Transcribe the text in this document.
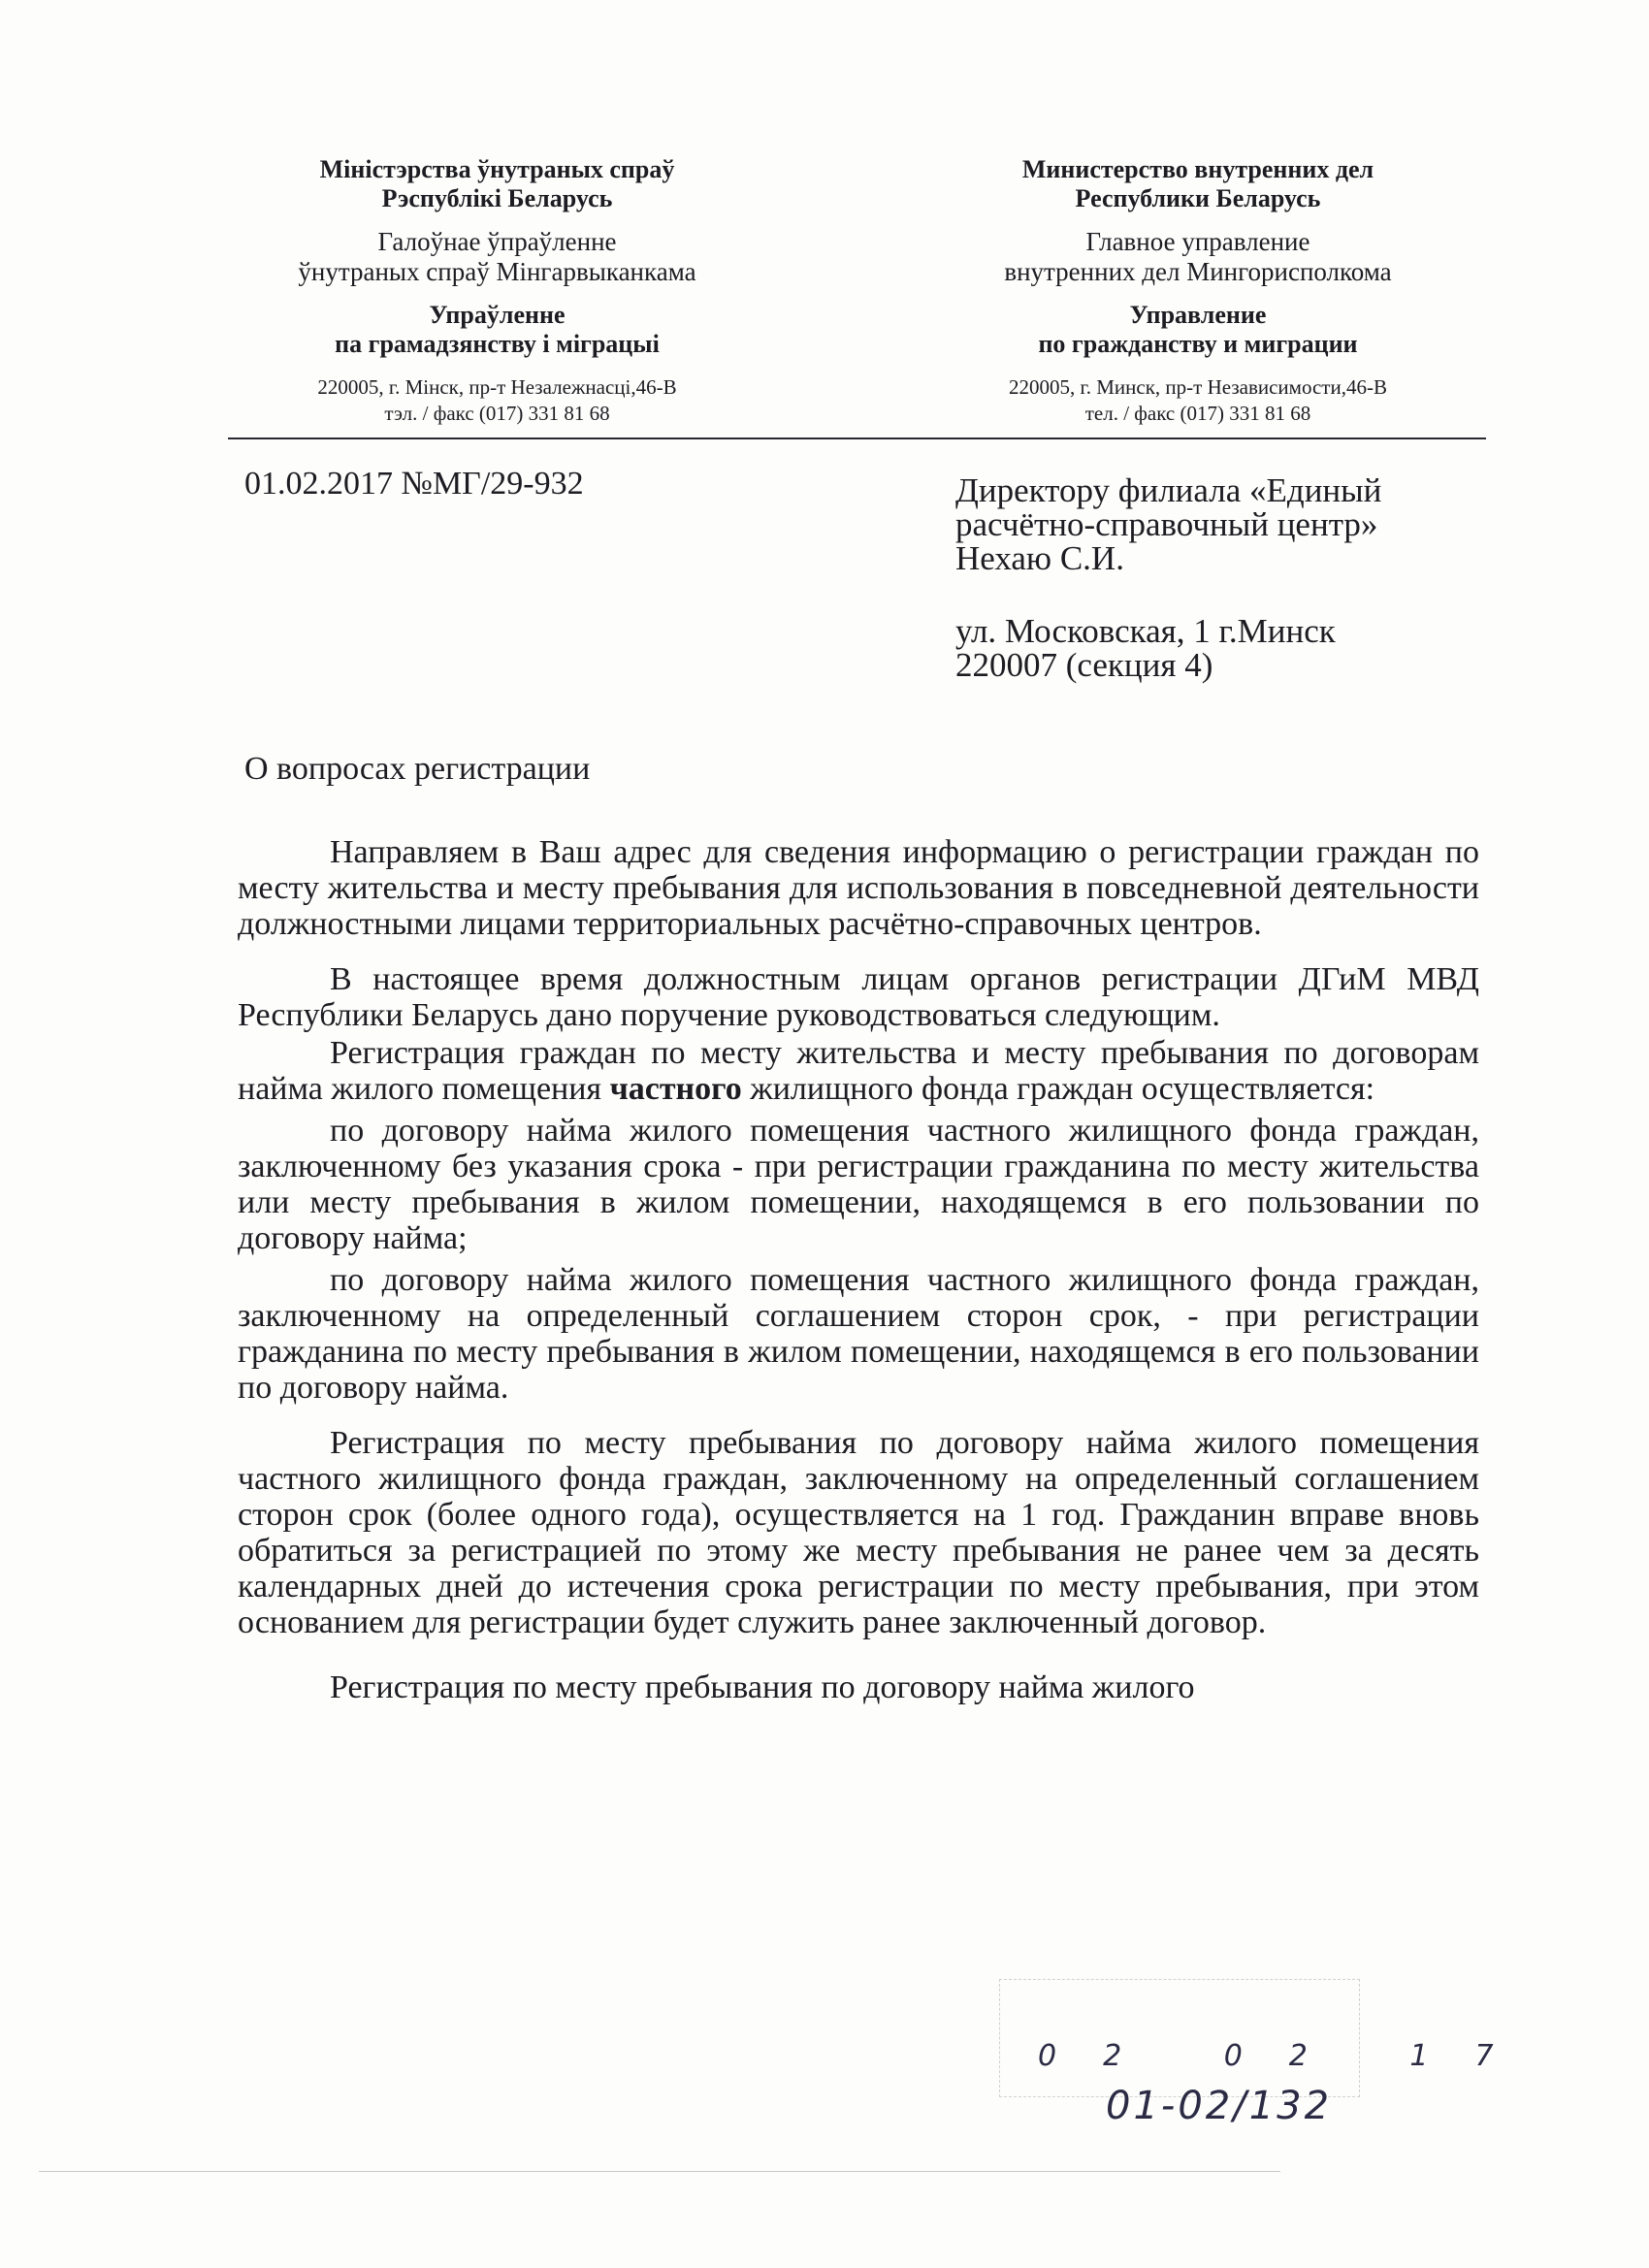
Міністэрства ўнутраных спраў
Рэспублікі Беларусь
Галоўнае ўпраўленне
ўнутраных спраў Мінгарвыканкама
Упраўленне
па грамадзянству і міграцыі
220005, г. Мінск, пр-т Незалежнасці,46-В
тэл. / факс (017) 331 81 68
Министерство внутренних дел
Республики Беларусь
Главное управление
внутренних дел Мингорисполкома
Управление
по гражданству и миграции
220005, г. Минск, пр-т Независимости,46-В
тел. / факс (017) 331 81 68
01.02.2017 №МГ/29-932	Директору филиала «Единый
расчётно-справочный центр»
Нехаю С.И.
ул. Московская, 1 г.Минск
220007 (секция 4)
О вопросах регистрации

Направляем в Ваш адрес для сведения информацию о регистрации граждан по месту жительства и месту пребывания для использования в повседневной деятельности должностными лицами территориальных расчётно-справочных центров.

В настоящее время должностным лицам органов регистрации ДГиМ МВД Республики Беларусь дано поручение руководствоваться следующим.

Регистрация граждан по месту жительства и месту пребывания по договорам найма жилого помещения частного жилищного фонда граждан осуществляется:

по договору найма жилого помещения частного жилищного фонда граждан, заключенному без указания срока - при регистрации гражданина по месту жительства или месту пребывания в жилом помещении, находящемся в его пользовании по договору найма;

по договору найма жилого помещения частного жилищного фонда граждан, заключенному на определенный соглашением сторон срок, - при регистрации гражданина по месту пребывания в жилом помещении, находящемся в его пользовании по договору найма.

Регистрация по месту пребывания по договору найма жилого помещения частного жилищного фонда граждан, заключенному на определенный соглашением сторон срок (более одного года), осуществляется на 1 год. Гражданин вправе вновь обратиться за регистрацией по этому же месту пребывания не ранее чем за десять календарных дней до истечения срока регистрации по месту пребывания, при этом основанием для регистрации будет служить ранее заключенный договор.

Регистрация по месту пребывания по договору найма жилого

02 02 17
01-02/132
